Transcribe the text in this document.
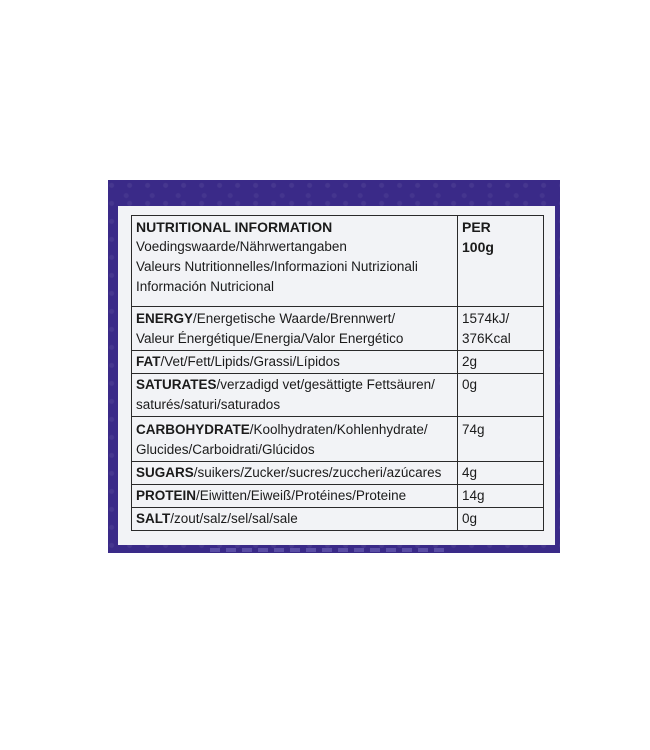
NUTRITIONAL INFORMATION
Voedingswaarde/Nährwertangaben
Valeurs Nutritionnelles/Informazioni Nutrizionali
Información Nutricional	PER
100g

ENERGY/Energetische Waarde/Brennwert/
Valeur Énergétique/Energia/Valor Energético	1574kJ/
376Kcal

FAT/Vet/Fett/Lipids/Grassi/Lípidos	2g

SATURATES/verzadigd vet/gesättigte Fettsäuren/
saturés/saturi/saturados	0g

CARBOHYDRATE/Koolhydraten/Kohlenhydrate/
Glucides/Carboidrati/Glúcidos	74g
SUGARS/suikers/Zucker/sucres/zuccheri/azúcares	4g
PROTEIN/Eiwitten/Eiweiß/Protéines/Proteine	14g
SALT/zout/salz/sel/sal/sale	0g
